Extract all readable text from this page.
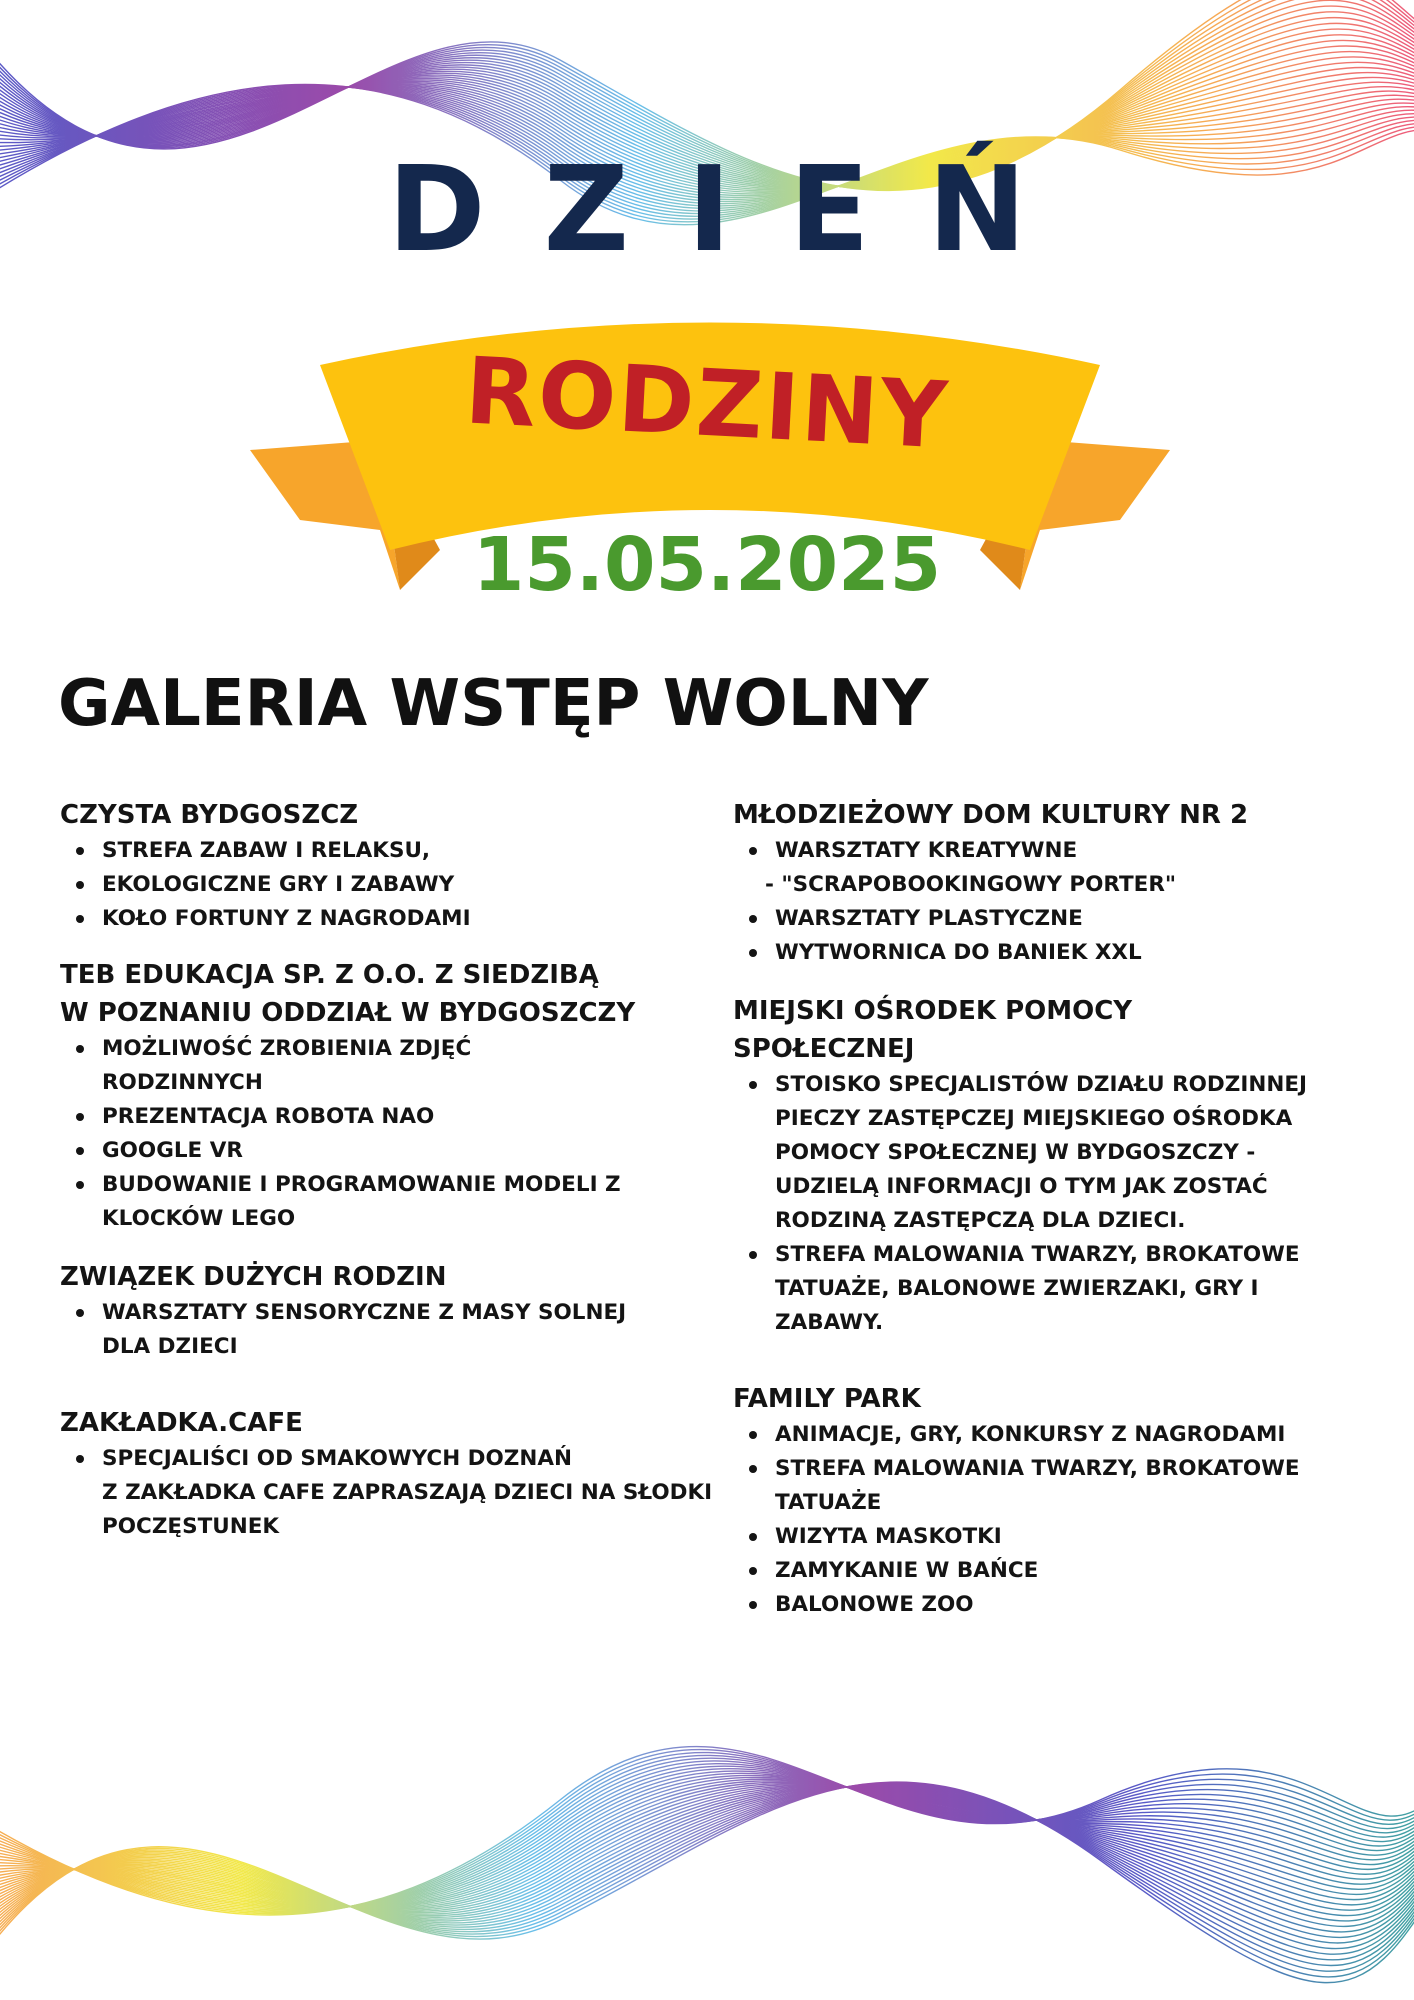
DZIEŃ
RODZINY
15.05.2025
GALERIA WSTĘP WOLNY
CZYSTA BYDGOSZCZ
STREFA ZABAW I RELAKSU,
EKOLOGICZNE GRY I ZABAWY
KOŁO FORTUNY Z NAGRODAMI
TEB EDUKACJA SP. Z O.O. Z SIEDZIBĄ
W POZNANIU ODDZIAŁ W BYDGOSZCZY
MOŻLIWOŚĆ ZROBIENIA ZDJĘĆ
RODZINNYCH
PREZENTACJA ROBOTA NAO
GOOGLE VR
BUDOWANIE I PROGRAMOWANIE MODELI Z
KLOCKÓW LEGO
ZWIĄZEK DUŻYCH RODZIN
WARSZTATY SENSORYCZNE Z MASY SOLNEJ
DLA DZIECI
ZAKŁADKA.CAFE
SPECJALIŚCI OD SMAKOWYCH DOZNAŃ
Z ZAKŁADKA CAFE ZAPRASZAJĄ DZIECI NA SŁODKI
POCZĘSTUNEK
MŁODZIEŻOWY DOM KULTURY NR 2
WARSZTATY KREATYWNE
- "SCRAPOBOOKINGOWY PORTER"
WARSZTATY PLASTYCZNE
WYTWORNICA DO BANIEK XXL
MIEJSKI OŚRODEK POMOCY
SPOŁECZNEJ
STOISKO SPECJALISTÓW DZIAŁU RODZINNEJ
PIECZY ZASTĘPCZEJ MIEJSKIEGO OŚRODKA
POMOCY SPOŁECZNEJ W BYDGOSZCZY -
UDZIELĄ INFORMACJI O TYM JAK ZOSTAĆ
RODZINĄ ZASTĘPCZĄ DLA DZIECI.
STREFA MALOWANIA TWARZY, BROKATOWE
TATUAŻE, BALONOWE ZWIERZAKI, GRY I
ZABAWY.
FAMILY PARK
ANIMACJE, GRY, KONKURSY Z NAGRODAMI
STREFA MALOWANIA TWARZY, BROKATOWE
TATUAŻE
WIZYTA MASKOTKI
ZAMYKANIE W BAŃCE
BALONOWE ZOO
